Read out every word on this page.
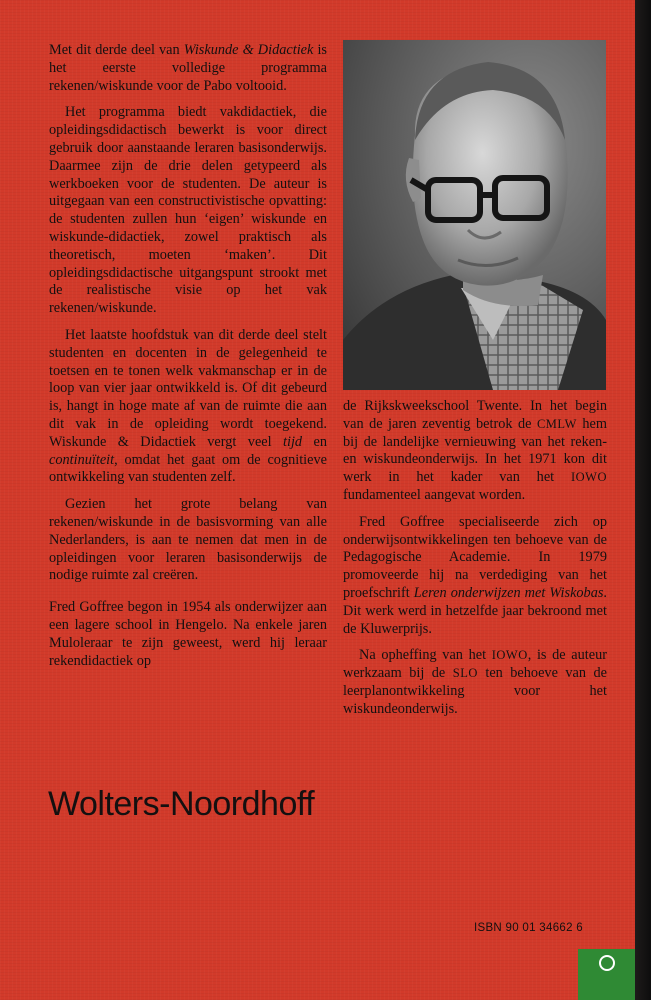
Met dit derde deel van Wiskunde & Didactiek is het eerste volledige programma rekenen/wiskunde voor de Pabo voltooid.

Het programma biedt vakdidactiek, die opleidingsdidactisch bewerkt is voor direct gebruik door aanstaande leraren basisonderwijs. Daarmee zijn de drie delen getypeerd als werkboeken voor de studenten. De auteur is uitgegaan van een constructivistische opvatting: de studenten zullen hun ‘eigen’ wiskunde en wiskunde-didactiek, zowel praktisch als theoretisch, moeten ‘maken’. Dit opleidingsdidactische uitgangspunt strookt met de realistische visie op het vak rekenen/wiskunde.

Het laatste hoofdstuk van dit derde deel stelt studenten en docenten in de gelegenheid te toetsen en te tonen welk vakmanschap er in de loop van vier jaar ontwikkeld is. Of dit gebeurd is, hangt in hoge mate af van de ruimte die aan dit vak in de opleiding wordt toegekend. Wiskunde & Didactiek vergt veel tijd en continuïteit, omdat het gaat om de cognitieve ontwikkeling van studenten zelf.

Gezien het grote belang van rekenen/wiskunde in de basisvorming van alle Nederlanders, is aan te nemen dat men in de opleidingen voor leraren basisonderwijs de nodige ruimte zal creëren.

Fred Goffree begon in 1954 als onderwijzer aan een lagere school in Hengelo. Na enkele jaren Muloleraar te zijn geweest, werd hij leraar rekendidactiek op

de Rijkskweekschool Twente. In het begin van de jaren zeventig betrok de CMLW hem bij de landelijke vernieuwing van het reken- en wiskundeonderwijs. In het 1971 kon dit werk in het kader van het IOWO fundamenteel aangevat worden.

Fred Goffree specialiseerde zich op onderwijsontwikkelingen ten behoeve van de Pedagogische Academie. In 1979 promoveerde hij na verdediging van het proefschrift Leren onderwijzen met Wiskobas. Dit werk werd in hetzelfde jaar bekroond met de Kluwerprijs.

Na opheffing van het IOWO, is de auteur werkzaam bij de SLO ten behoeve van de leerplanontwikkeling voor het wiskundeonderwijs.

Wolters-Noordhoff
ISBN 90 01 34662 6
